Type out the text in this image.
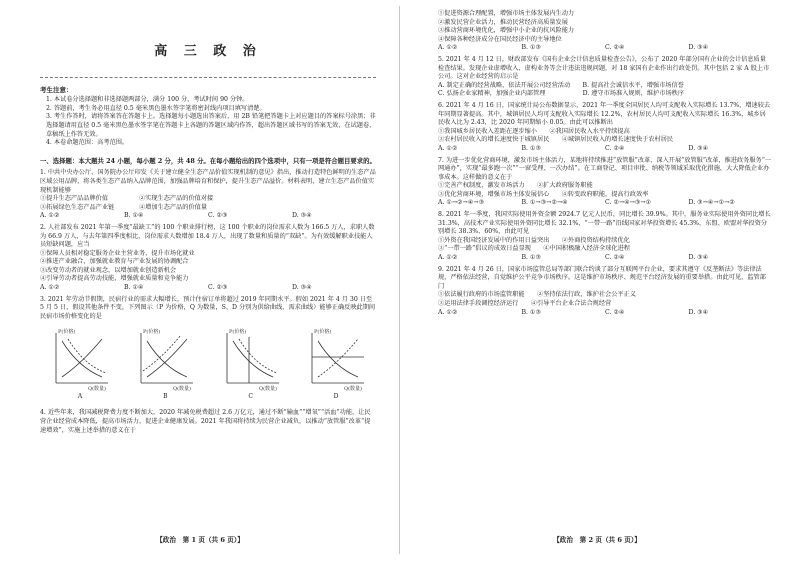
高 三 政 治
考生注意：
1. 本试卷分选择题和非选择题两部分，满分 100 分，考试时间 90 分钟。
2. 答题前，考生务必用直径 0.5 毫米黑色墨水签字笔将密封线内项目填写清楚。
3. 考生作答时，请将答案答在答题卡上。选择题每小题选出答案后，用 2B 铅笔把答题卡上对应题目的答案标号涂黑；非选择题请用直径 0.5 毫米黑色墨水签字笔在答题卡上各题的答题区域内作答，超出答题区域书写的答案无效，在试题卷、草稿纸上作答无效。
4. 本卷命题范围：高考范围。
一、选择题：本大题共 24 小题，每小题 2 分，共 48 分。在每小题给出的四个选项中，只有一项是符合题目要求的。
1. 中共中央办公厅、国务院办公厅印发《关于建立健全生态产品价值实现机制的意见》指出，推动打造特色鲜明的生态产品区域公用品牌，将各类生态产品纳入品牌范围，加强品牌培育和保护，提升生态产品溢价。材料表明，建立生态产品价值实现机制能够
①提升生态产品品牌价值　　　　　②实现生态产品的价值对接
③拓展绿色生态产品产业链　　　　④增加生态产品的价值量
A. ①②	B. ①④	C. ②③	D. ③④
2. 人社部发布 2021 年第一季度“最缺工”的 100 个职业排行榜，这 100 个职业的岗位需求人数为 166.5 万人，求职人数为 66.9 万人，与去年第四季度相比，岗位需求人数增加 18.4 万人，出现了数量和质量的“双缺”。为有效缓解职业技能人员短缺问题，应当
①保障人员相对稳定服务企业主营业务，提升市场化就业
②推进产业融合，加强就业教育与产业发展的协调配合
③改变劳动者的就业观念，以增加就业创造新机会
④引导劳动者提高劳动技能，增强就业质量和竞争能力
A. ①②	B. ①④	C. ②③	D. ③④
3. 2021 年劳动节假期，民宿行业的需求大幅增长，预计住宿订单将超过 2019 年同期水平。假如 2021 年 4 月 30 日至 5 月 5 日，假设其他条件不变，下列图示（P 为价格，Q 为数量，S、D 分别为供给曲线、需求曲线）能够正确反映此期间民宿市场价格变化的是
P(价格)
Q(数量)
A
P(价格)
Q(数量)
B
P(价格)
Q(数量)
C
P(价格)
Q(数量)
D
4. 近些年来，我国减税降费力度不断加大，2020 年减免税费超过 2.6 万亿元，通过不断“输血”“增氧”“活血”功能，让民营企业经营成本降低，提高市场活力，促进企业健康发展。2021 年我国将持续为民营企业减负，以推动“放管服”改革“提速增效”，实施上述举措的意义在于
【政治　第 1 页（共 6 页）】
①促进资源合理配置，增强市场主体发展内生动力
②激发民营企业活力，推动民营经济高质量发展
③推动营商环境优化，增强中小企业的抗风险能力
④保障各种经济成分在国民经济中的主导地位
A. ①②	B. ①③	C. ②④	D. ③④
5. 2021 年 4 月 12 日，财政部发布《国有企业会计信息质量检查公告》，公布了 2020 年部分国有企业的会计信息质量检查结果。发现企业虚增收入、虚构业务等会计违法违规问题，对 18 家国有企业作出行政处罚。其中包括 2 家 A 股上市公司。这对企业经营的启示是
A. 制定正确的经营战略，依法开展公司经营活动　　B. 提高社会诚信水平，增强市场信誉
C. 弘扬企业家精神，加强企业内部管理　　　　　　D. 遵守市场准入规则，维护市场秩序
6. 2021 年 4 月 16 日，国家统计局公布数据显示，2021 年一季度全国居民人均可支配收入实际增长 13.7%，增速较去年同期显著提高。其中，城镇居民人均可支配收入实际增长 12.2%，农村居民人均可支配收入实际增长 16.3%，城乡居民收入比为 2.43，比 2020 年同期缩小 0.05。由此可以推断出
①我国城乡居民收入差距在逐步缩小　　②我国居民收入水平持续提高
③农村居民收入的增长速度快于城镇居民　　④城镇居民收入的增长速度快于农村居民
A. ①②	B. ①③	C. ②④	D. ③④
7. 为进一步优化营商环境，激发市场主体活力，某地将持续推进“放管服”改革，深入开展“放管服”改革，推进政务服务“一网通办”，实现“最多跑一次”“一窗受理、一次办结”。在工商登记、项目审批、纳税等领域采取优化措施，大大降低企业办事成本。这样做的意义在于
①完善产权制度，激发市场活力　　②扩大政府服务职能
③优化营商环境，增强市场主体发展信心　　④转变政府职能，提高行政效率
A. ①→②→④→③	B. ①→③→②→④	C. ②→④→③→①	D. ③→④→①→②
8. 2021 年一季度，我国实际使用外资金额 2924.7 亿元人民币，同比增长 39.9%。其中，服务业实际使用外资同比增长 31.3%，高技术产业实际使用外资同比增长 32.1%，“一带一路”沿线国家对华投资增长 45.3%，东盟、欧盟对华投资分别增长 38.3%、60%，由此可见
①外资在我国经济发展中的作用日益突出　　②外商投资结构持续优化
③“一带一路”倡议的成效日益显现　　④中国积极融入经济全球化进程
A. ①②	B. ①③	C. ②④	D. ③④
9. 2021 年 4 月 26 日，国家市场监管总局等部门联合约谈了部分互联网平台企业，要求其遵守《反垄断法》等法律法规，严格依法经营，自觉维护公平竞争市场秩序。这是维护市场秩序、规范平台经济发展的重要举措。由此可见，监管部门
①依法履行政府的市场监管职能　　②坚持依法行政，维护社会公平正义
③运用法律手段调控经济运行　　④引导平台企业合法合规经营
A. ①②	B. ①③	C. ②④	D. ③④
【政治　第 2 页（共 6 页）】
